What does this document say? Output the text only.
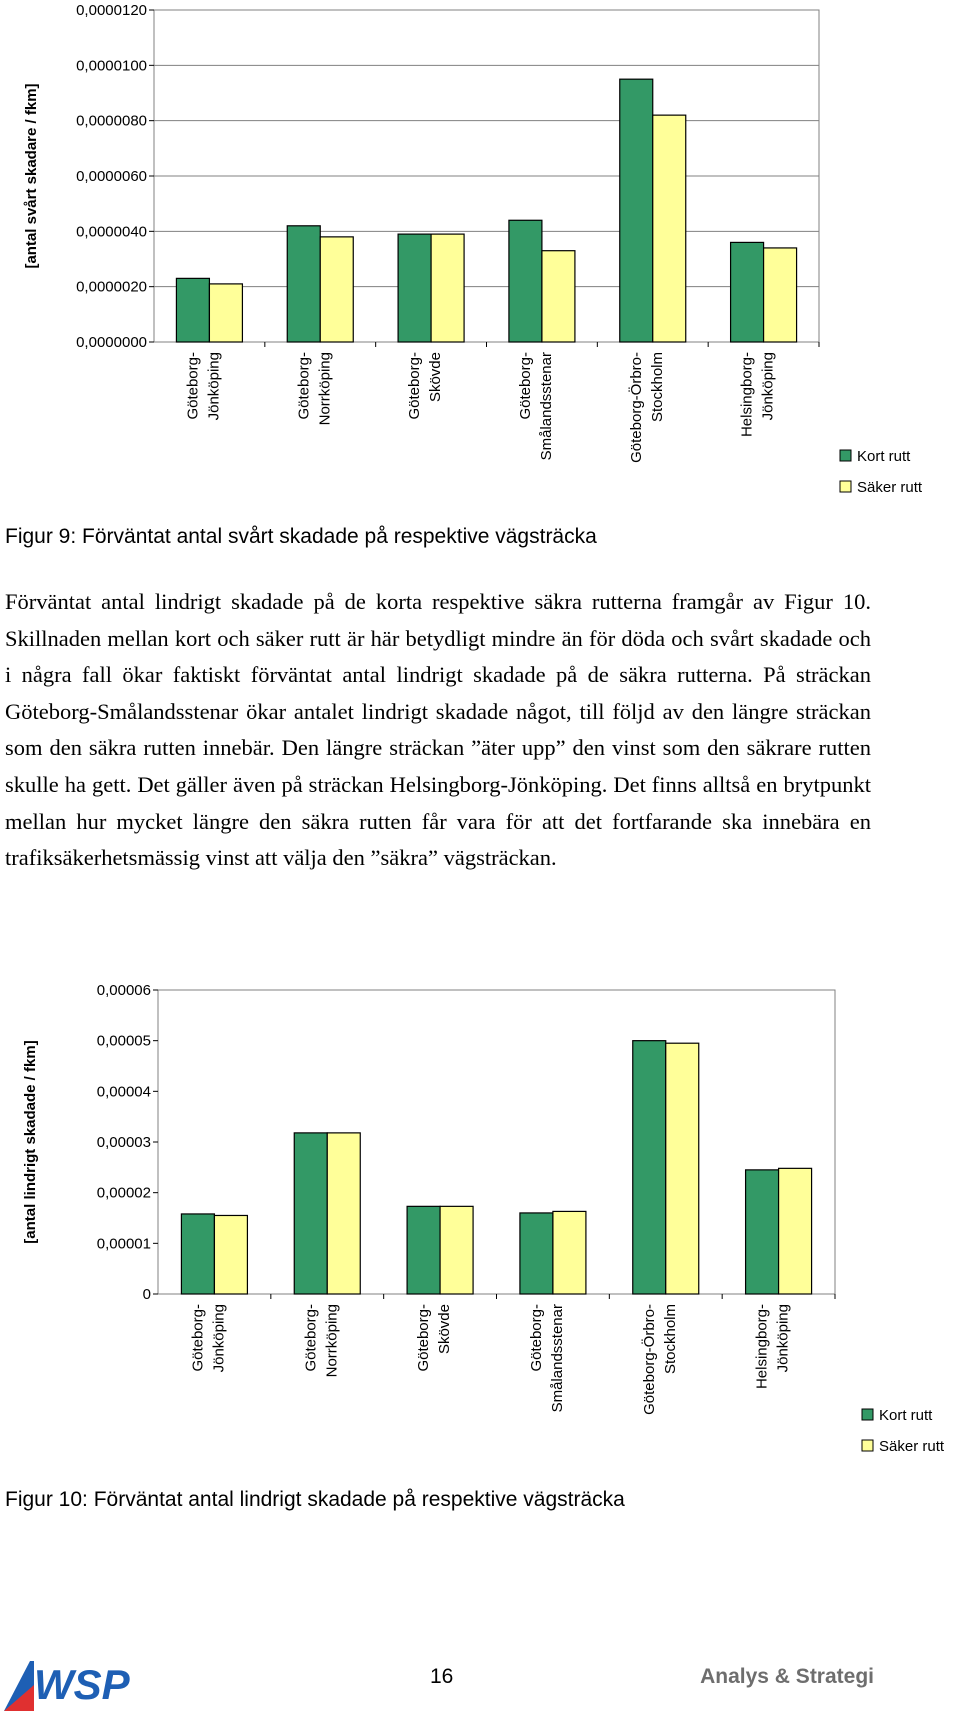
0,0000000
0,0000020
0,0000040
0,0000060
0,0000080
0,0000100
0,0000120
[antal svårt skadare / fkm]
Göteborg- Jönköping	Göteborg- Norrköping	Göteborg- Skövde	Göteborg- Smålandsstenar	Göteborg-Örbro- Stockholm	Helsingborg- Jönköping
Kort rutt
Säker rutt

Figur 9: Förväntat antal svårt skadade på respektive vägsträcka

Förväntat antal lindrigt skadade på de korta respektive säkra rutterna framgår av Figur 10. Skillnaden mellan kort och säker rutt är här betydligt mindre än för döda och svårt skadade och i några fall ökar faktiskt förväntat antal lindrigt skadade på de säkra rutterna. På sträckan Göteborg-Smålandsstenar ökar antalet lindrigt skadade något, till följd av den längre sträckan som den säkra rutten innebär. Den längre sträckan ”äter upp” den vinst som den säkrare rutten skulle ha gett. Det gäller även på sträckan Helsingborg-Jönköping. Det finns alltså en brytpunkt mellan hur mycket längre den säkra rutten får vara för att det fortfarande ska innebära en trafiksäkerhetsmässig vinst att välja den ”säkra” vägsträckan.

0
0,00001
0,00002
0,00003
0,00004
0,00005
0,00006
[antal lindrigt skadade / fkm]
Göteborg- Jönköping	Göteborg- Norrköping	Göteborg- Skövde	Göteborg- Smålandsstenar	Göteborg-Örbro- Stockholm	Helsingborg- Jönköping
Kort rutt
Säker rutt

Figur 10: Förväntat antal lindrigt skadade på respektive vägsträcka

WSP	16	Analys & Strategi
